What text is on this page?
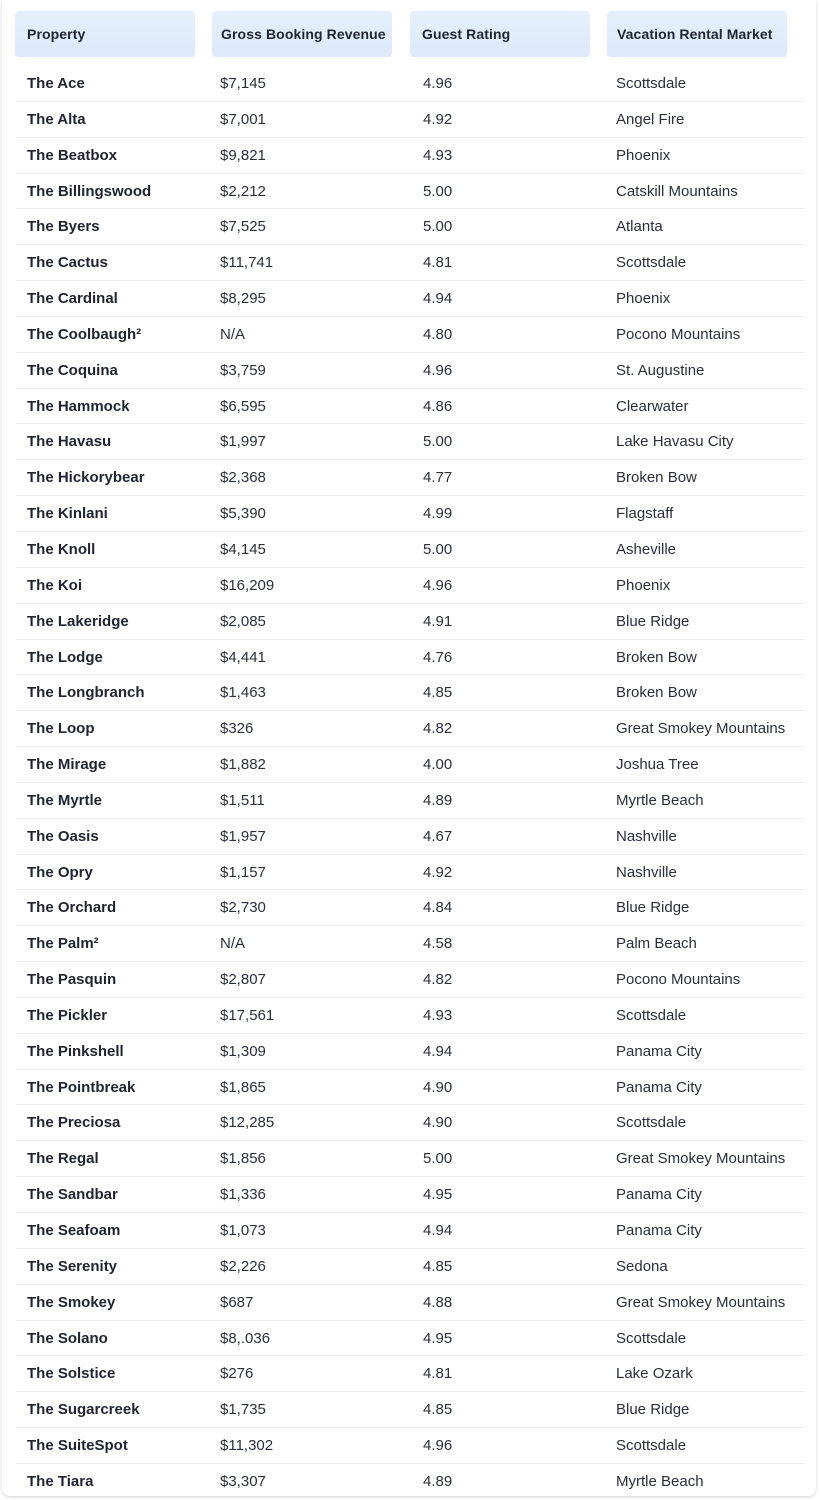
Property	Gross Booking Revenue	Guest Rating	Vacation Rental Market
The Ace	$7,145	4.96	Scottsdale
The Alta	$7,001	4.92	Angel Fire
The Beatbox	$9,821	4.93	Phoenix
The Billingswood	$2,212	5.00	Catskill Mountains
The Byers	$7,525	5.00	Atlanta
The Cactus	$11,741	4.81	Scottsdale
The Cardinal	$8,295	4.94	Phoenix
The Coolbaugh²	N/A	4.80	Pocono Mountains
The Coquina	$3,759	4.96	St. Augustine
The Hammock	$6,595	4.86	Clearwater
The Havasu	$1,997	5.00	Lake Havasu City
The Hickorybear	$2,368	4.77	Broken Bow
The Kinlani	$5,390	4.99	Flagstaff
The Knoll	$4,145	5.00	Asheville
The Koi	$16,209	4.96	Phoenix
The Lakeridge	$2,085	4.91	Blue Ridge
The Lodge	$4,441	4.76	Broken Bow
The Longbranch	$1,463	4.85	Broken Bow
The Loop	$326	4.82	Great Smokey Mountains
The Mirage	$1,882	4.00	Joshua Tree
The Myrtle	$1,511	4.89	Myrtle Beach
The Oasis	$1,957	4.67	Nashville
The Opry	$1,157	4.92	Nashville
The Orchard	$2,730	4.84	Blue Ridge
The Palm²	N/A	4.58	Palm Beach
The Pasquin	$2,807	4.82	Pocono Mountains
The Pickler	$17,561	4.93	Scottsdale
The Pinkshell	$1,309	4.94	Panama City
The Pointbreak	$1,865	4.90	Panama City
The Preciosa	$12,285	4.90	Scottsdale
The Regal	$1,856	5.00	Great Smokey Mountains
The Sandbar	$1,336	4.95	Panama City
The Seafoam	$1,073	4.94	Panama City
The Serenity	$2,226	4.85	Sedona
The Smokey	$687	4.88	Great Smokey Mountains
The Solano	$8,.036	4.95	Scottsdale
The Solstice	$276	4.81	Lake Ozark
The Sugarcreek	$1,735	4.85	Blue Ridge
The SuiteSpot	$11,302	4.96	Scottsdale
The Tiara	$3,307	4.89	Myrtle Beach
